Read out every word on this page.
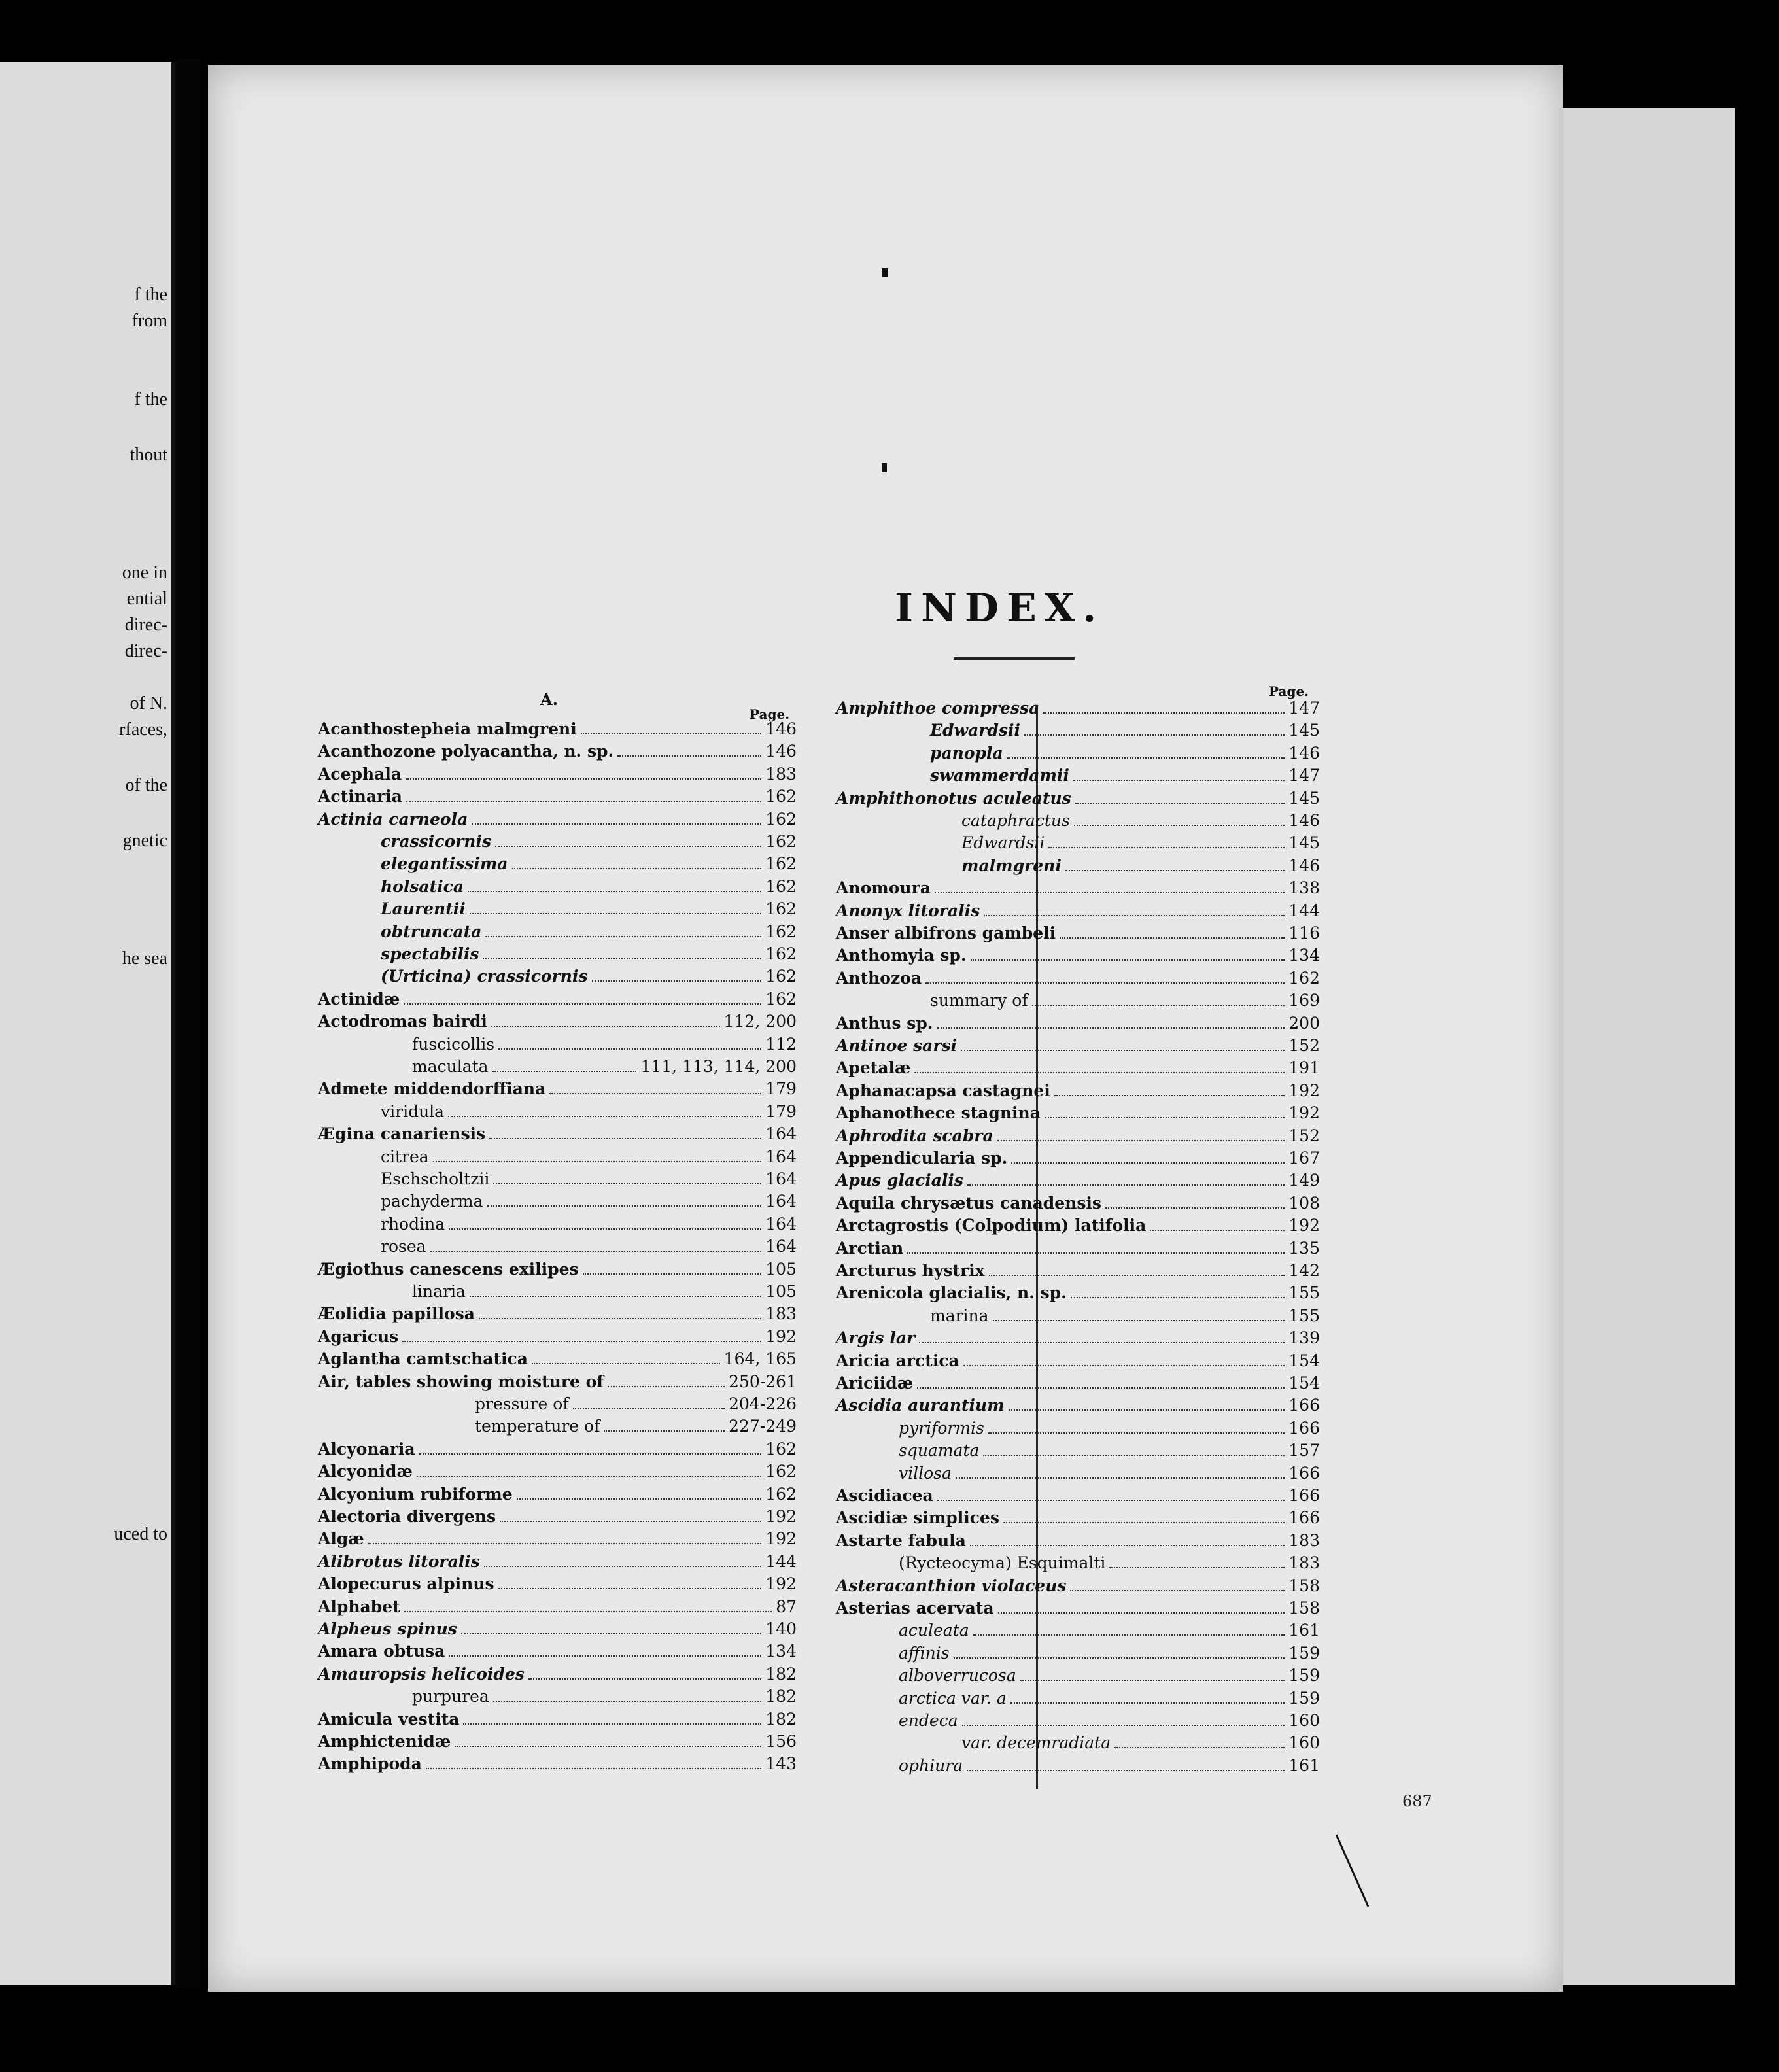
f the
from
f the
thout
one in
ential
direc-
direc-
of N.
rfaces,
of the
gnetic
he sea
uced to
INDEX.
A.
Page.
Page.
Acanthostepheia malmgreni	146
Acanthozone polyacantha, n. sp.	146
Acephala	183
Actinaria	162
Actinia carneola	162
crassicornis	162
elegantissima	162
holsatica	162
Laurentii	162
obtruncata	162
spectabilis	162
(Urticina) crassicornis	162
Actinidæ	162
Actodromas bairdi	112, 200
fuscicollis	112
maculata	111, 113, 114, 200
Admete middendorffiana	179
viridula	179
Ægina canariensis	164
citrea	164
Eschscholtzii	164
pachyderma	164
rhodina	164
rosea	164
Ægiothus canescens exilipes	105
linaria	105
Æolidia papillosa	183
Agaricus	192
Aglantha camtschatica	164, 165
Air, tables showing moisture of	250-261
pressure of	204-226
temperature of	227-249
Alcyonaria	162
Alcyonidæ	162
Alcyonium rubiforme	162
Alectoria divergens	192
Algæ	192
Alibrotus litoralis	144
Alopecurus alpinus	192
Alphabet	87
Alpheus spinus	140
Amara obtusa	134
Amauropsis helicoides	182
purpurea	182
Amicula vestita	182
Amphictenidæ	156
Amphipoda	143
Amphithoe compressa	147
Edwardsii	145
panopla	146
swammerdamii	147
Amphithonotus aculeatus	145
cataphractus	146
Edwardsii	145
malmgreni	146
Anomoura	138
Anonyx litoralis	144
Anser albifrons gambeli	116
Anthomyia sp.	134
Anthozoa	162
summary of	169
Anthus sp.	200
Antinoe sarsi	152
Apetalæ	191
Aphanacapsa castagnei	192
Aphanothece stagnina	192
Aphrodita scabra	152
Appendicularia sp.	167
Apus glacialis	149
Aquila chrysætus canadensis	108
Arctagrostis (Colpodium) latifolia	192
Arctian	135
Arcturus hystrix	142
Arenicola glacialis, n. sp.	155
marina	155
Argis lar	139
Aricia arctica	154
Ariciidæ	154
Ascidia aurantium	166
pyriformis	166
squamata	157
villosa	166
Ascidiacea	166
Ascidiæ simplices	166
Astarte fabula	183
(Rycteocyma) Esquimalti	183
Asteracanthion violaceus	158
Asterias acervata	158
aculeata	161
affinis	159
alboverrucosa	159
arctica var. a	159
endeca	160
var. decemradiata	160
ophiura	161
687
